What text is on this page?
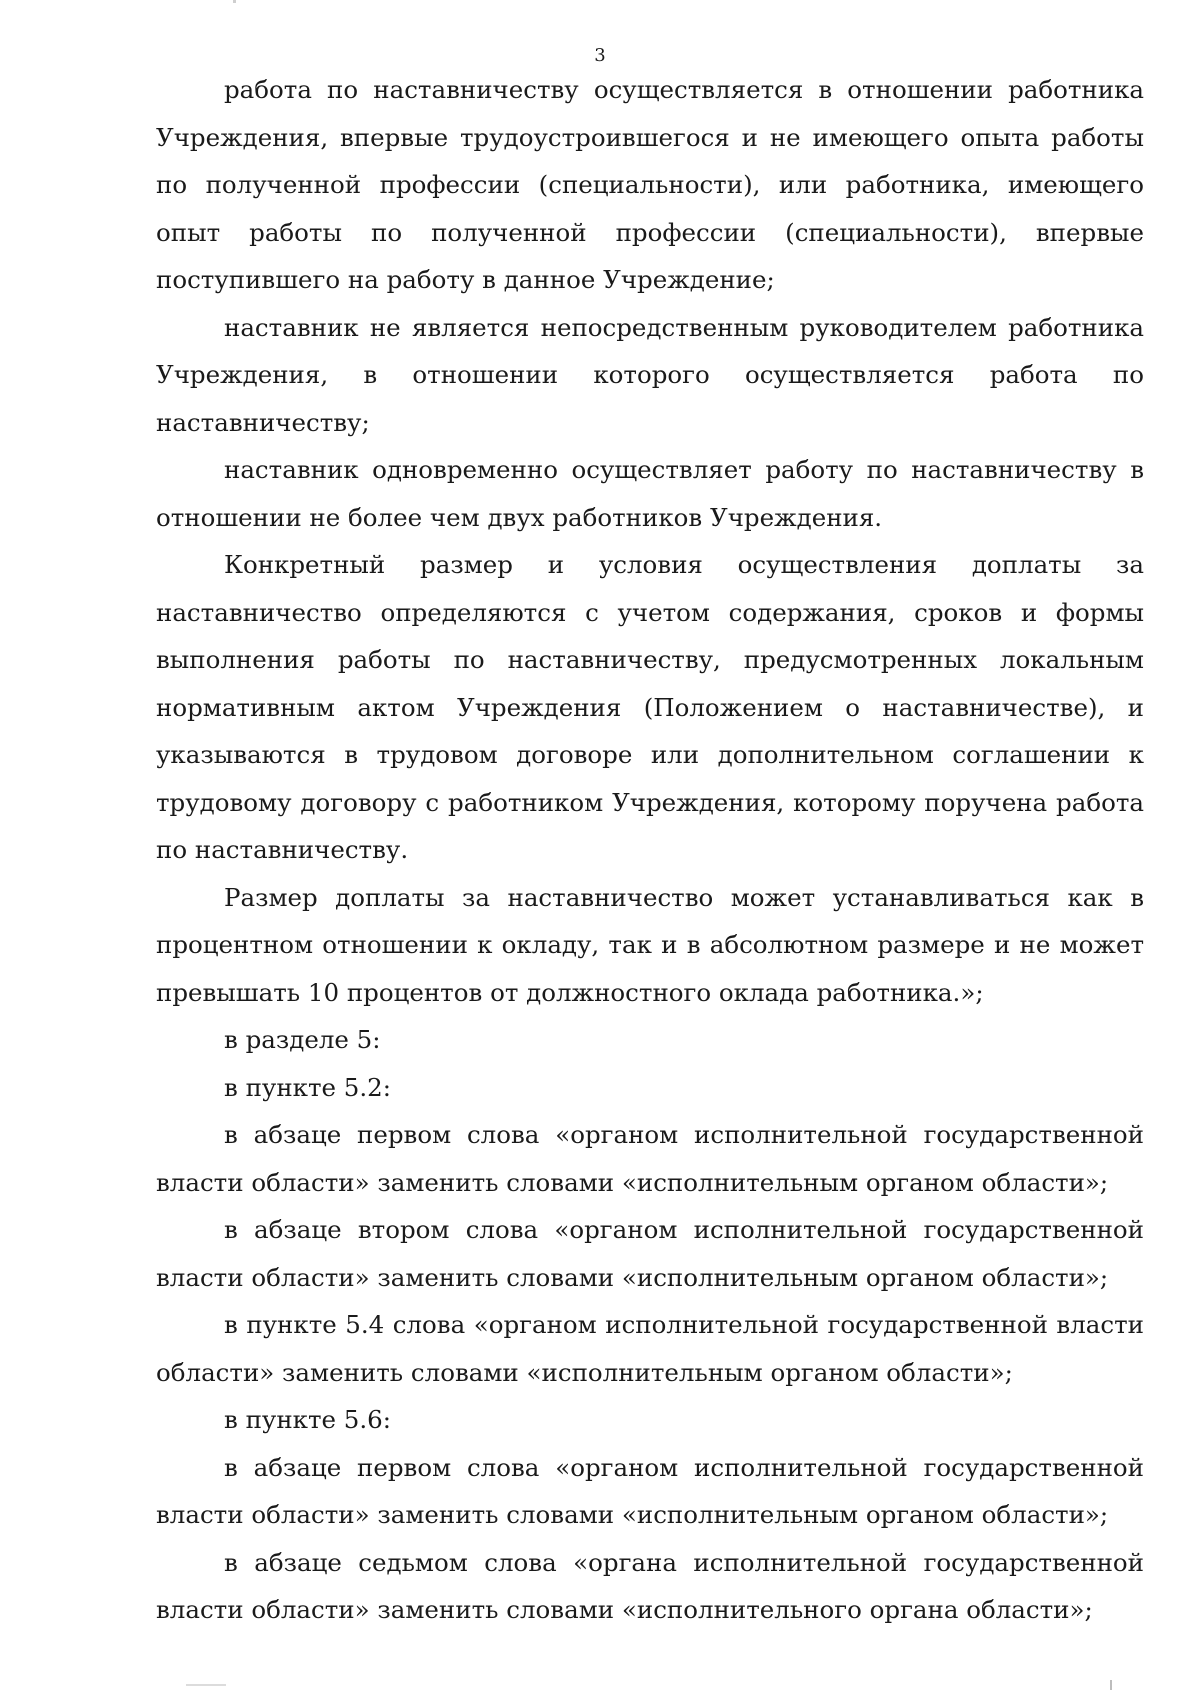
3

работа по наставничеству осуществляется в отношении работника Учреждения, впервые трудоустроившегося и не имеющего опыта работы по полученной профессии (специальности), или работника, имеющего опыт работы по полученной профессии (специальности), впервые поступившего на работу в данное Учреждение;

наставник не является непосредственным руководителем работника Учреждения, в отношении которого осуществляется работа по наставничеству;

наставник одновременно осуществляет работу по наставничеству в отношении не более чем двух работников Учреждения.

Конкретный размер и условия осуществления доплаты за наставничество определяются с учетом содержания, сроков и формы выполнения работы по наставничеству, предусмотренных локальным нормативным актом Учреждения (Положением о наставничестве), и указываются в трудовом договоре или дополнительном соглашении к трудовому договору с работником Учреждения, которому поручена работа по наставничеству.

Размер доплаты за наставничество может устанавливаться как в процентном отношении к окладу, так и в абсолютном размере и не может превышать 10 процентов от должностного оклада работника.»;

в разделе 5:

в пункте 5.2:

в абзаце первом слова «органом исполнительной государственной власти области» заменить словами «исполнительным органом области»;

в абзаце втором слова «органом исполнительной государственной власти области» заменить словами «исполнительным органом области»;

в пункте 5.4 слова «органом исполнительной государственной власти области» заменить словами «исполнительным органом области»;

в пункте 5.6:

в абзаце первом слова «органом исполнительной государственной власти области» заменить словами «исполнительным органом области»;

в абзаце седьмом слова «органа исполнительной государственной власти области» заменить словами «исполнительного органа области»;
